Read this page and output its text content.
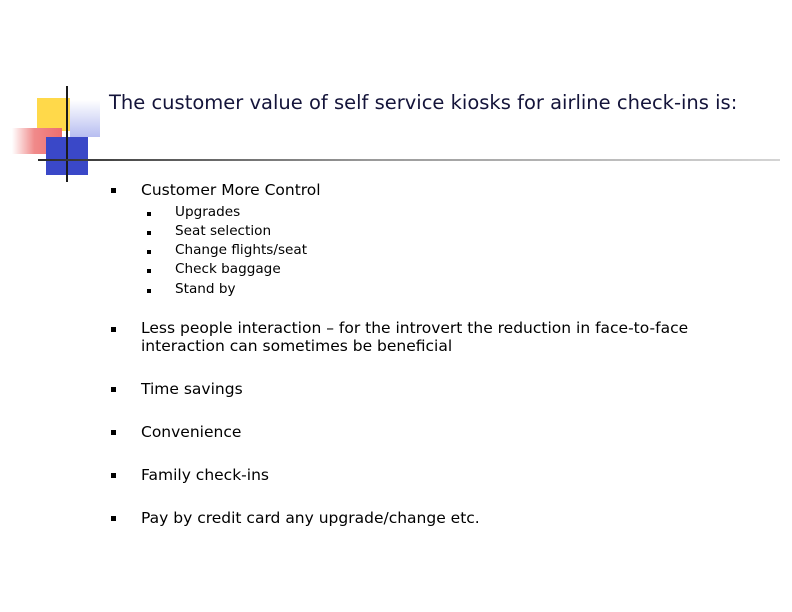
The customer value of self service kiosks for airline check-ins is:
Customer More Control
Upgrades
Seat selection
Change flights/seat
Check baggage
Stand by
Less people interaction – for the introvert the reduction in face-to-face interaction can sometimes be beneficial
Time savings
Convenience
Family check-ins
Pay by credit card any upgrade/change etc.
